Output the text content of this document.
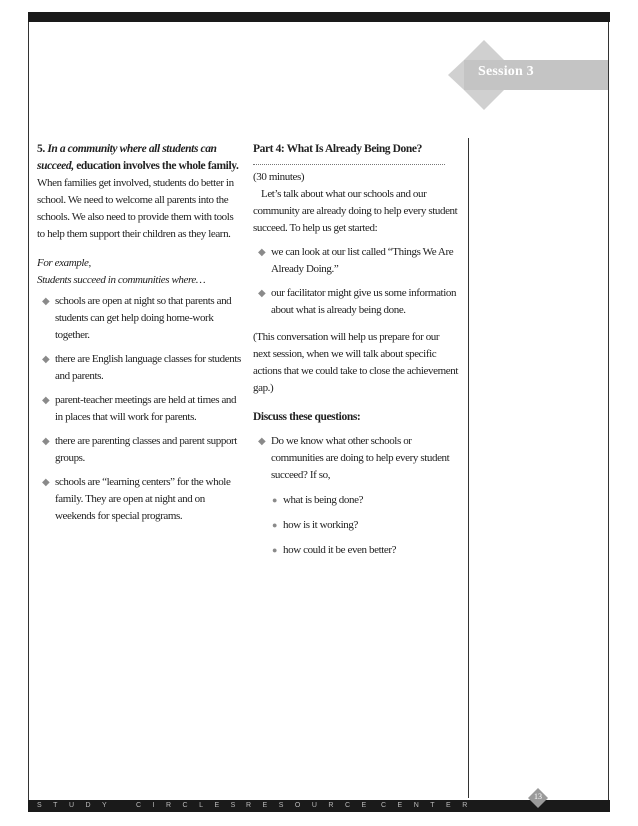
Session 3
5. In a community where all students can succeed, education involves the whole family.

When families get involved, students do better in school. We need to welcome all parents into the schools. We also need to provide them with tools to help them support their children as they learn.

For example,

Students succeed in communities where…

◆ schools are open at night so that parents and students can get help doing home-work together.
◆ there are English language classes for students and parents.
◆ parent-teacher meetings are held at times and in places that will work for parents.
◆ there are parenting classes and parent support groups.
◆ schools are “learning centers” for the whole family. They are open at night and on weekends for special programs.
Part 4: What Is Already Being Done?

(30 minutes)

Let’s talk about what our schools and our community are already doing to help every student succeed. To help us get started:

◆ we can look at our list called “Things We Are Already Doing.”
◆ our facilitator might give us some information about what is already being done.

(This conversation will help us prepare for our next session, when we will talk about specific actions that we could take to close the achievement gap.)

Discuss these questions:

◆ Do we know what other schools or communities are doing to help every student succeed? If so,
● what is being done?
● how is it working?
● how could it be even better?
STUDY	CIRCLES RESOURCE CENTER
13
